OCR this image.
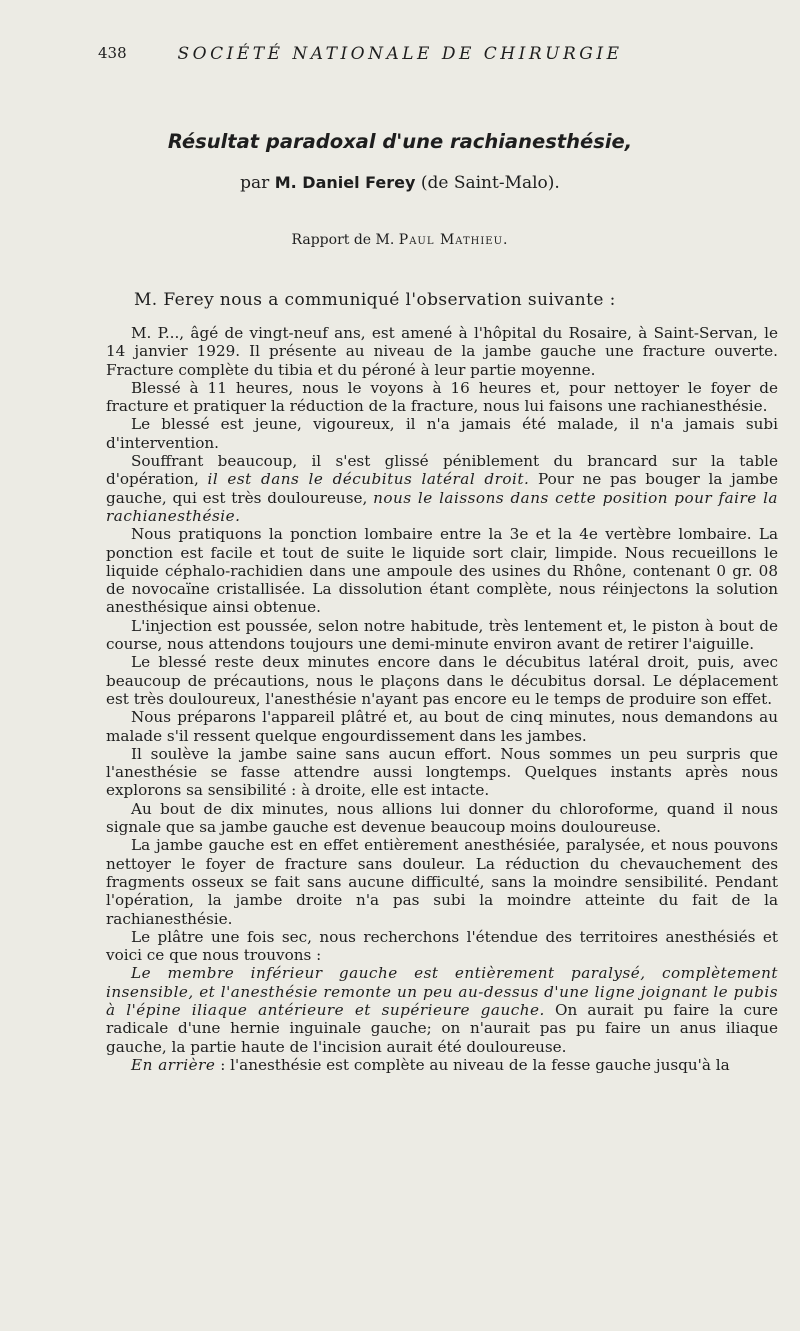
438	SOCIÉTÉ NATIONALE DE CHIRURGIE
Résultat paradoxal d'une rachianesthésie,
par M. Daniel Ferey (de Saint-Malo).
Rapport de M. Paul Mathieu.
M. Ferey nous a communiqué l'observation suivante :

M. P..., âgé de vingt-neuf ans, est amené à l'hôpital du Rosaire, à Saint-Servan, le 14 janvier 1929. Il présente au niveau de la jambe gauche une fracture ouverte. Fracture complète du tibia et du péroné à leur partie moyenne.

Blessé à 11 heures, nous le voyons à 16 heures et, pour nettoyer le foyer de fracture et pratiquer la réduction de la fracture, nous lui faisons une rachianesthésie.

Le blessé est jeune, vigoureux, il n'a jamais été malade, il n'a jamais subi d'intervention.

Souffrant beaucoup, il s'est glissé péniblement du brancard sur la table d'opération, il est dans le décubitus latéral droit. Pour ne pas bouger la jambe gauche, qui est très douloureuse, nous le laissons dans cette position pour faire la rachianesthésie.

Nous pratiquons la ponction lombaire entre la 3e et la 4e vertèbre lombaire. La ponction est facile et tout de suite le liquide sort clair, limpide. Nous recueillons le liquide céphalo-rachidien dans une ampoule des usines du Rhône, contenant 0 gr. 08 de novocaïne cristallisée. La dissolution étant complète, nous réinjectons la solution anesthésique ainsi obtenue.

L'injection est poussée, selon notre habitude, très lentement et, le piston à bout de course, nous attendons toujours une demi-minute environ avant de retirer l'aiguille.

Le blessé reste deux minutes encore dans le décubitus latéral droit, puis, avec beaucoup de précautions, nous le plaçons dans le décubitus dorsal. Le déplacement est très douloureux, l'anesthésie n'ayant pas encore eu le temps de produire son effet.

Nous préparons l'appareil plâtré et, au bout de cinq minutes, nous demandons au malade s'il ressent quelque engourdissement dans les jambes.

Il soulève la jambe saine sans aucun effort. Nous sommes un peu surpris que l'anesthésie se fasse attendre aussi longtemps. Quelques instants après nous explorons sa sensibilité : à droite, elle est intacte.

Au bout de dix minutes, nous allions lui donner du chloroforme, quand il nous signale que sa jambe gauche est devenue beaucoup moins douloureuse.

La jambe gauche est en effet entièrement anesthésiée, paralysée, et nous pouvons nettoyer le foyer de fracture sans douleur. La réduction du chevauchement des fragments osseux se fait sans aucune difficulté, sans la moindre sensibilité. Pendant l'opération, la jambe droite n'a pas subi la moindre atteinte du fait de la rachianesthésie.

Le plâtre une fois sec, nous recherchons l'étendue des territoires anesthésiés et voici ce que nous trouvons :

Le membre inférieur gauche est entièrement paralysé, complètement insensible, et l'anesthésie remonte un peu au-dessus d'une ligne joignant le pubis à l'épine iliaque antérieure et supérieure gauche. On aurait pu faire la cure radicale d'une hernie inguinale gauche; on n'aurait pas pu faire un anus iliaque gauche, la partie haute de l'incision aurait été douloureuse.

En arrière : l'anesthésie est complète au niveau de la fesse gauche jusqu'à la
